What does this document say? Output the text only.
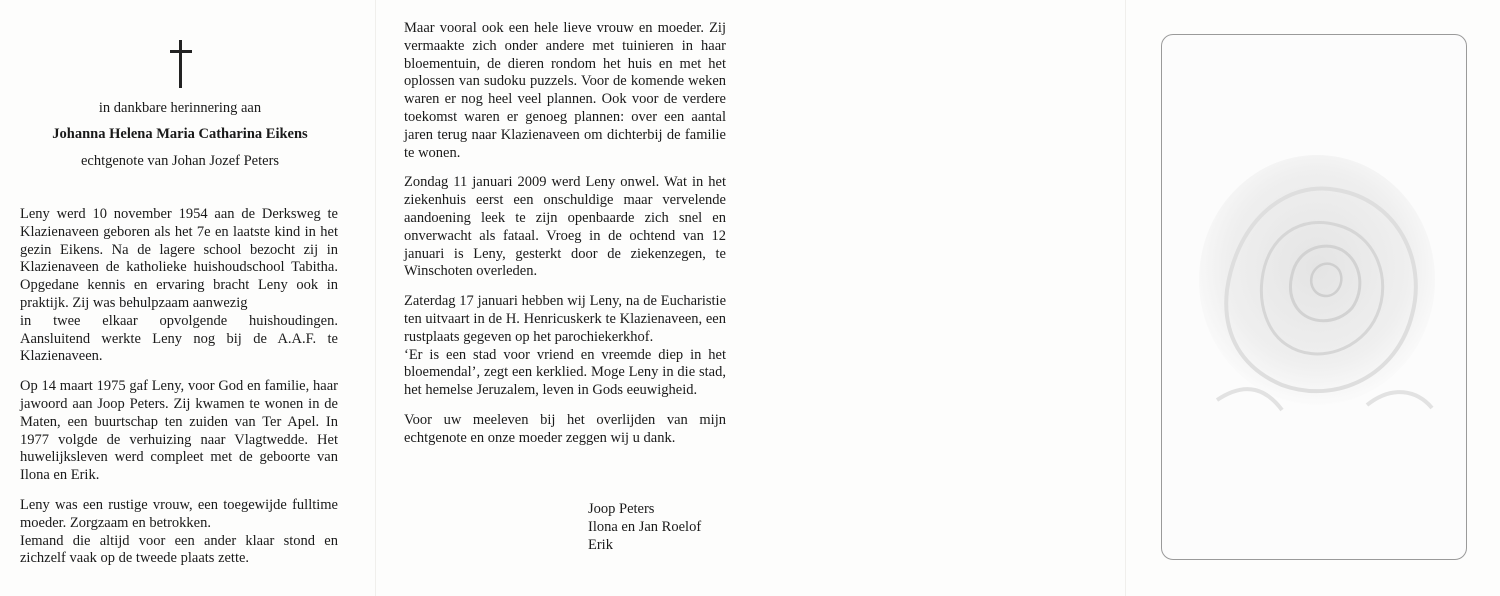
in dankbare herinnering aan
Johanna Helena Maria Catharina Eikens
echtgenote van Johan Jozef Peters

Leny werd 10 november 1954 aan de Derksweg te Klazienaveen geboren als het 7e en laatste kind in het gezin Eikens. Na de lagere school bezocht zij in Klazienaveen de katholieke huishoudschool Tabitha. Opgedane kennis en ervaring bracht Leny ook in praktijk. Zij was behulpzaam aanwezig
in twee elkaar opvolgende huishoudingen. Aansluitend werkte Leny nog bij de A.A.F. te Klazienaveen.

Op 14 maart 1975 gaf Leny, voor God en familie, haar jawoord aan Joop Peters. Zij kwamen te wonen in de Maten, een buurtschap ten zuiden van Ter Apel. In 1977 volgde de verhuizing naar Vlagtwedde. Het huwelijksleven werd compleet met de geboorte van Ilona en Erik.

Leny was een rustige vrouw, een toegewijde fulltime moeder. Zorgzaam en betrokken.
Iemand die altijd voor een ander klaar stond en zichzelf vaak op de tweede plaats zette.

Maar vooral ook een hele lieve vrouw en moeder. Zij vermaakte zich onder andere met tuinieren in haar bloementuin, de dieren rondom het huis en met het oplossen van sudoku puzzels. Voor de komende weken waren er nog heel veel plannen. Ook voor de verdere toekomst waren er genoeg plannen: over een aantal jaren terug naar Klazienaveen om dichterbij de familie te wonen.

Zondag 11 januari 2009 werd Leny onwel. Wat in het ziekenhuis eerst een onschuldige maar vervelende aandoening leek te zijn openbaarde zich snel en onverwacht als fataal. Vroeg in de ochtend van 12 januari is Leny, gesterkt door de ziekenzegen, te Winschoten overleden.

Zaterdag 17 januari hebben wij Leny, na de Eucharistie ten uitvaart in de H. Henricuskerk te Klazienaveen, een rustplaats gegeven op het parochiekerkhof.
‘Er is een stad voor vriend en vreemde diep in het bloemendal’, zegt een kerklied. Moge Leny in die stad, het hemelse Jeruzalem, leven in Gods eeuwigheid.

Voor uw meeleven bij het overlijden van mijn echtgenote en onze moeder zeggen wij u dank.

Joop Peters
Ilona en Jan Roelof
Erik
